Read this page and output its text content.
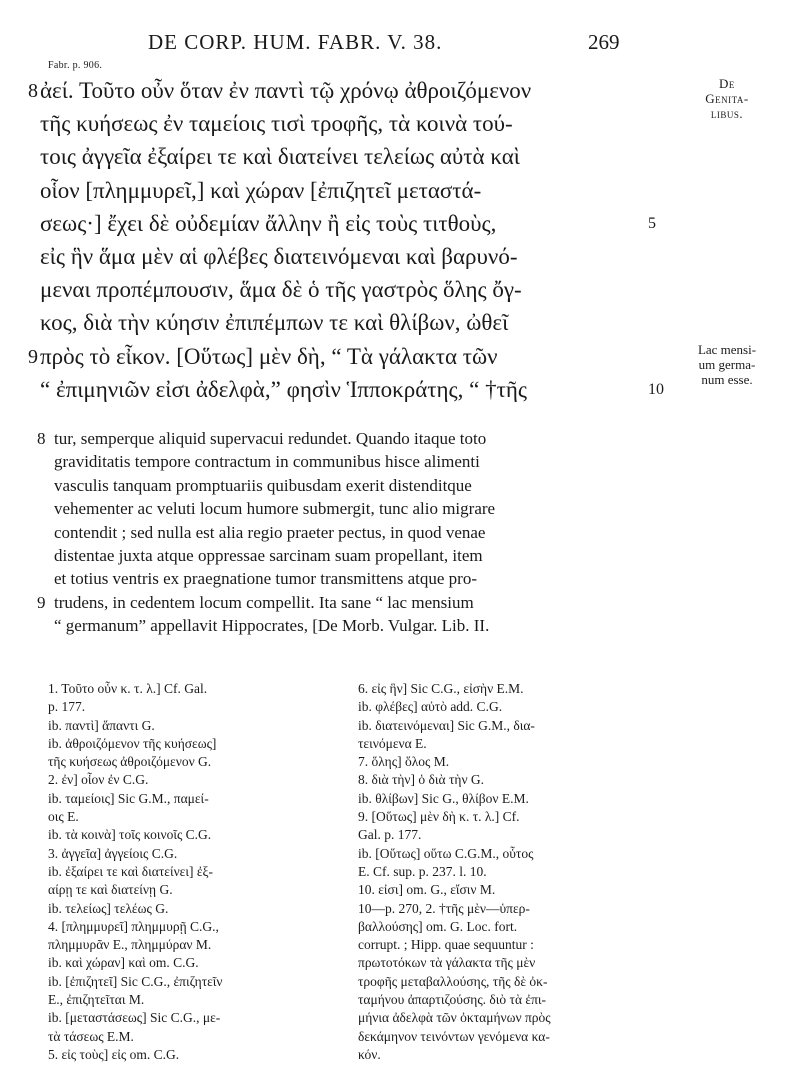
DE CORP. HUM. FABR. V. 38.	269
Fabr. p. 906.
8 ἀεί. Τοῦτο οὖν ὅταν ἐν παντὶ τῷ χρόνῳ ἀθροιζόμενον
τῆς κυήσεως ἐν ταμείοις τισὶ τροφῆς, τὰ κοινὰ τού-
τοις ἀγγεῖα ἐξαίρει τε καὶ διατείνει τελείως αὐτὰ καὶ
οἷον [πλημμυρεῖ,] καὶ χώραν [ἐπιζητεῖ μεταστά-
σεως·] ἔχει δὲ οὐδεμίαν ἄλλην ἢ εἰς τοὺς τιτθοὺς,	5
εἰς ἣν ἅμα μὲν αἱ φλέβες διατεινόμεναι καὶ βαρυνό-
μεναι προπέμπουσιν, ἅμα δὲ ὁ τῆς γαστρὸς ὅλης ὄγ-
κος, διὰ τὴν κύησιν ἐπιπέμπων τε καὶ θλίβων, ὠθεῖ
9 πρὸς τὸ εἶκον. [Οὕτως] μὲν δὴ, “ Τὰ γάλακτα τῶν
“ ἐπιμηνιῶν εἰσι ἀδελφὰ,” φησὶν Ἱπποκράτης, “ †τῆς	10
De
Genita-
libus.
Lac mensi-
um germa-
num esse.
8 tur, semperque aliquid supervacui redundet. Quando itaque toto
graviditatis tempore contractum in communibus hisce alimenti
vasculis tanquam promptuariis quibusdam exerit distenditque
vehementer ac veluti locum humore submergit, tunc alio migrare
contendit ; sed nulla est alia regio praeter pectus, in quod venae
distentae juxta atque oppressae sarcinam suam propellant, item
et totius ventris ex praegnatione tumor transmittens atque pro-
9 trudens, in cedentem locum compellit. Ita sane “ lac mensium
“ germanum” appellavit Hippocrates, [De Morb. Vulgar. Lib. II.
1. Τοῦτο οὖν κ. τ. λ.] Cf. Gal.
p. 177.
ib. παντὶ] ἅπαντι G.
ib. ἀθροιζόμενον τῆς κυήσεως]
τῆς κυήσεως ἀθροιζόμενον G.
2. ἐν] οἷον ἐν C.G.
ib. ταμείοις] Sic G.M., παμεί-
οις E.
ib. τὰ κοινὰ] τοῖς κοινοῖς C.G.
3. ἀγγεῖα] ἀγγείοις C.G.
ib. ἐξαίρει τε καὶ διατείνει] ἐξ-
αίρῃ τε καὶ διατείνῃ G.
ib. τελείως] τελέως G.
4. [πλημμυρεῖ] πλημμυρῇ C.G.,
πλημμυρᾶν E., πλημμύραν M.
ib. καὶ χώραν] καὶ om. C.G.
ib. [ἐπιζητεῖ] Sic C.G., ἐπιζητεῖν
E., ἐπιζητεῖται M.
ib. [μεταστάσεως] Sic C.G., με-
τὰ τάσεως E.M.
5. εἰς τοὺς] εἰς om. C.G.
6. εἰς ἣν] Sic C.G., εἰσὴν E.M.
ib. φλέβες] αὐτὸ add. C.G.
ib. διατεινόμεναι] Sic G.M., δια-
τεινόμενα E.
7. ὅλης] ὅλος M.
8. διὰ τὴν] ὁ διὰ τὴν G.
ib. θλίβων] Sic G., θλίβον E.M.
9. [Οὕτως] μὲν δὴ κ. τ. λ.] Cf.
Gal. p. 177.
ib. [Οὕτως] οὕτω C.G.M., οὗτος
E. Cf. sup. p. 237. l. 10.
10. εἰσι] om. G., εἴσιν M.
10—p. 270, 2. †τῆς μὲν—ὑπερ-
βαλλούσης] om. G. Loc. fort.
corrupt. ; Hipp. quae sequuntur :
πρωτοτόκων τὰ γάλακτα τῆς μὲν
τροφῆς μεταβαλλούσης, τῆς δὲ ὀκ-
ταμήνου ἀπαρτιζούσης. διὸ τὰ ἐπι-
μήνια ἀδελφὰ τῶν ὀκταμήνων πρὸς
δεκάμηνον τεινόντων γενόμενα κα-
κόν.
